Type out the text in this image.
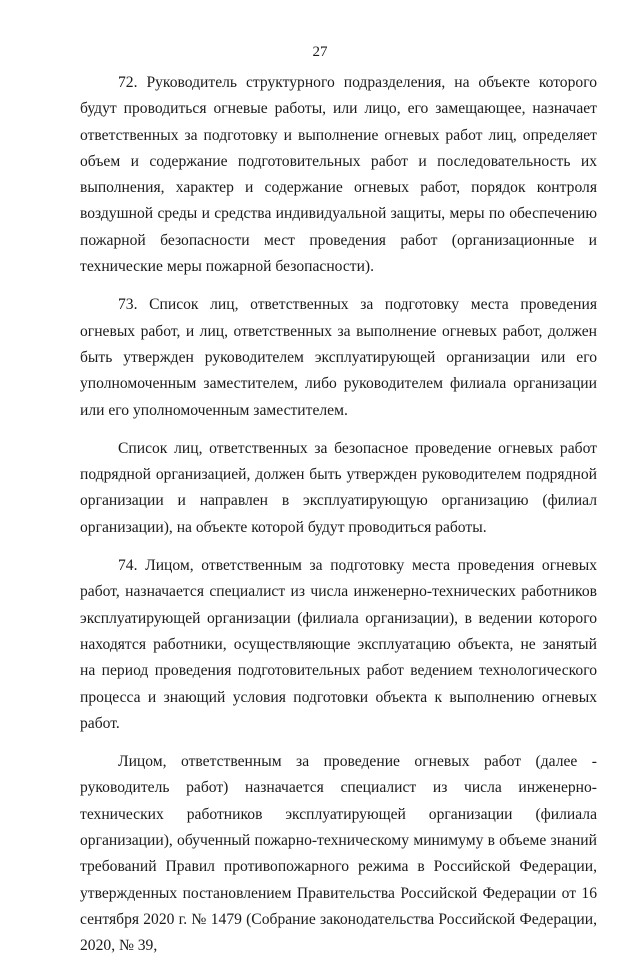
27

72. Руководитель структурного подразделения, на объекте которого будут проводиться огневые работы, или лицо, его замещающее, назначает ответственных за подготовку и выполнение огневых работ лиц, определяет объем и содержание подготовительных работ и последовательность их выполнения, характер и содержание огневых работ, порядок контроля воздушной среды и средства индивидуальной защиты, меры по обеспечению пожарной безопасности мест проведения работ (организационные и технические меры пожарной безопасности).

73. Список лиц, ответственных за подготовку места проведения огневых работ, и лиц, ответственных за выполнение огневых работ, должен быть утвержден руководителем эксплуатирующей организации или его уполномоченным заместителем, либо руководителем филиала организации или его уполномоченным заместителем.

Список лиц, ответственных за безопасное проведение огневых работ подрядной организацией, должен быть утвержден руководителем подрядной организации и направлен в эксплуатирующую организацию (филиал организации), на объекте которой будут проводиться работы.

74. Лицом, ответственным за подготовку места проведения огневых работ, назначается специалист из числа инженерно-технических работников эксплуатирующей организации (филиала организации), в ведении которого находятся работники, осуществляющие эксплуатацию объекта, не занятый на период проведения подготовительных работ ведением технологического процесса и знающий условия подготовки объекта к выполнению огневых работ.

Лицом, ответственным за проведение огневых работ (далее - руководитель работ) назначается специалист из числа инженерно-технических работников эксплуатирующей организации (филиала организации), обученный пожарно-техническому минимуму в объеме знаний требований Правил противопожарного режима в Российской Федерации, утвержденных постановлением Правительства Российской Федерации от 16 сентября 2020 г. № 1479 (Собрание законодательства Российской Федерации, 2020, № 39,
